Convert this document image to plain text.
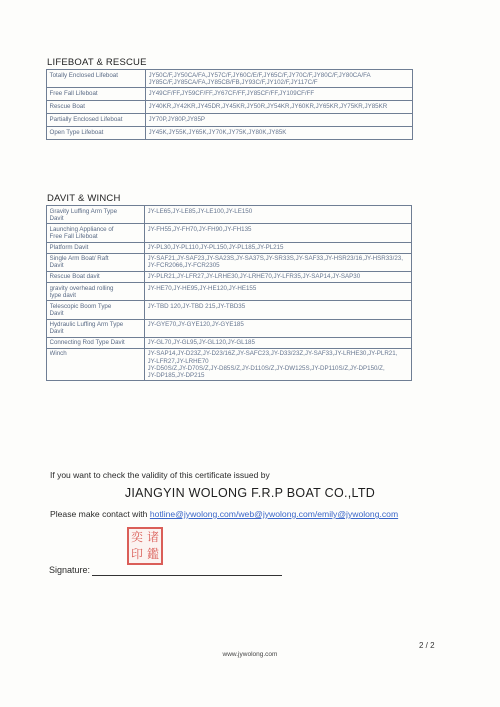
LIFEBOAT & RESCUE
Totally Enclosed Lifeboat	JY50C/F,JY50CA/FA,JY57C/F,JY60C/E/F,JY65C/F,JY70C/F,JY80C/F,JY80CA/FA
JY85C/F,JY85CA/FA,JY85CB/FB,JY93C/F,JY102/F,JY117C/F

Free Fall Lifeboat	JY49CF/FF,JY59CF/FF,JY67CF/FF,JY85CF/FF,JY109CF/FF

Rescue Boat	JY40KR,JY42KR,JY45DR,JY45KR,JY50R,JY54KR,JY60KR,JY65KR,JY75KR,JY85KR

Partially Enclosed Lifeboat	JY70P,JY80P,JY85P

Open Type Lifeboat	JY45K,JY55K,JY65K,JY70K,JY75K,JY80K,JY85K
DAVIT & WINCH
Gravity Luffing Arm Type
Davit	JY-LE65,JY-LE85,JY-LE100,JY-LE150

Launching Appliance of
Free Fall Lifeboat	JY-FH55,JY-FH70,JY-FH90,JY-FH135

Platform Davit	JY-PL30,JY-PL110,JY-PL150,JY-PL185,JY-PL215

Single Arm Boat/ Raft
Davit	JY-SAF21,JY-SAF23,JY-SA23S,JY-SA37S,JY-SR33S,JY-SAF33,JY-HSR23/16,JY-HSR33/23,
JY-FCR2066,JY-FCR2305

Rescue Boat davit	JY-PLR21,JY-LFR27,JY-LRHE30,JY-LRHE70,JY-LFR35,JY-SAP14,JY-SAP30

gravity overhead rolling
type davit	JY-HE70,JY-HE95,JY-HE120,JY-HE155

Telescopic Boom Type
Davit	JY-TBD 120,JY-TBD 215,JY-TBD35

Hydraulic Luffing Arm Type
Davit	JY-GYE70,JY-GYE120,JY-GYE185

Connecting Rod Type Davit	JY-GL70,JY-GL95,JY-GL120,JY-GL185

Winch	JY-SAP14,JY-D23Z,JY-D23/16Z,JY-SAFC23,JY-D33/23Z,JY-SAF33,JY-LRHE30,JY-PLR21,
JY-LFR27,JY-LRHE70
JY-D50S/Z,JY-D70S/Z,JY-D85S/Z,JY-D110S/Z,JY-DW125S,JY-DP110S/Z,JY-DP150/Z,
JY-DP185,JY-DP215
If you want to check the validity of this certificate issued by
JIANGYIN WOLONG F.R.P BOAT CO.,LTD
Please make contact with hotline@jywolong.com/web@jywolong.com/emily@jywolong.com
奕 诸
印 鑑
Signature:
2 / 2
www.jywolong.com
